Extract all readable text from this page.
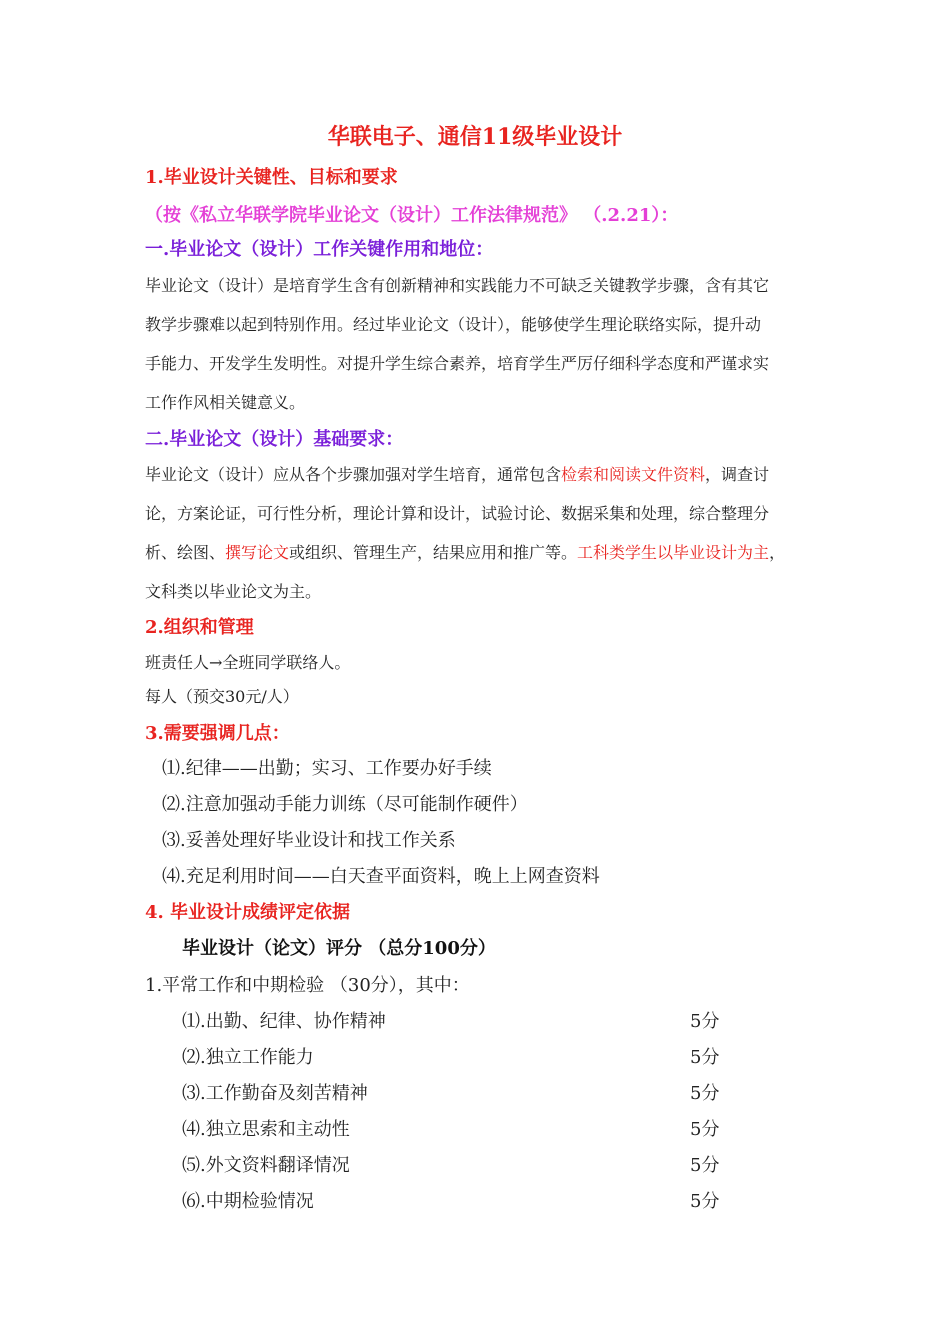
华联电子、通信11级毕业设计
1.毕业设计关键性、目标和要求
（按《私立华联学院毕业论文（设计）工作法律规范》 （.2.21）：
一.毕业论文（设计）工作关键作用和地位：
毕业论文（设计）是培育学生含有创新精神和实践能力不可缺乏关键教学步骤，含有其它
教学步骤难以起到特别作用。经过毕业论文（设计），能够使学生理论联络实际，提升动
手能力、开发学生发明性。对提升学生综合素养，培育学生严厉仔细科学态度和严谨求实
工作作风相关键意义。
二.毕业论文（设计）基础要求：
毕业论文（设计）应从各个步骤加强对学生培育，通常包含检索和阅读文件资料，调查讨
论，方案论证，可行性分析，理论计算和设计，试验讨论、数据采集和处理，综合整理分
析、绘图、撰写论文或组织、管理生产，结果应用和推广等。工科类学生以毕业设计为主，
文科类以毕业论文为主。
2.组织和管理
班责任人→全班同学联络人。
每人（预交30元/人）
3.需要强调几点：
⑴.纪律——出勤；实习、工作要办好手续
⑵.注意加强动手能力训练（尽可能制作硬件）
⑶.妥善处理好毕业设计和找工作关系
⑷.充足利用时间——白天查平面资料，晚上上网查资料
4. 毕业设计成绩评定依据
毕业设计（论文）评分 （总分100分）
1.平常工作和中期检验 （30分），其中：
⑴.出勤、纪律、协作精神	5分
⑵.独立工作能力	5分
⑶.工作勤奋及刻苦精神	5分
⑷.独立思索和主动性	5分
⑸.外文资料翻译情况	5分
⑹.中期检验情况	5分
